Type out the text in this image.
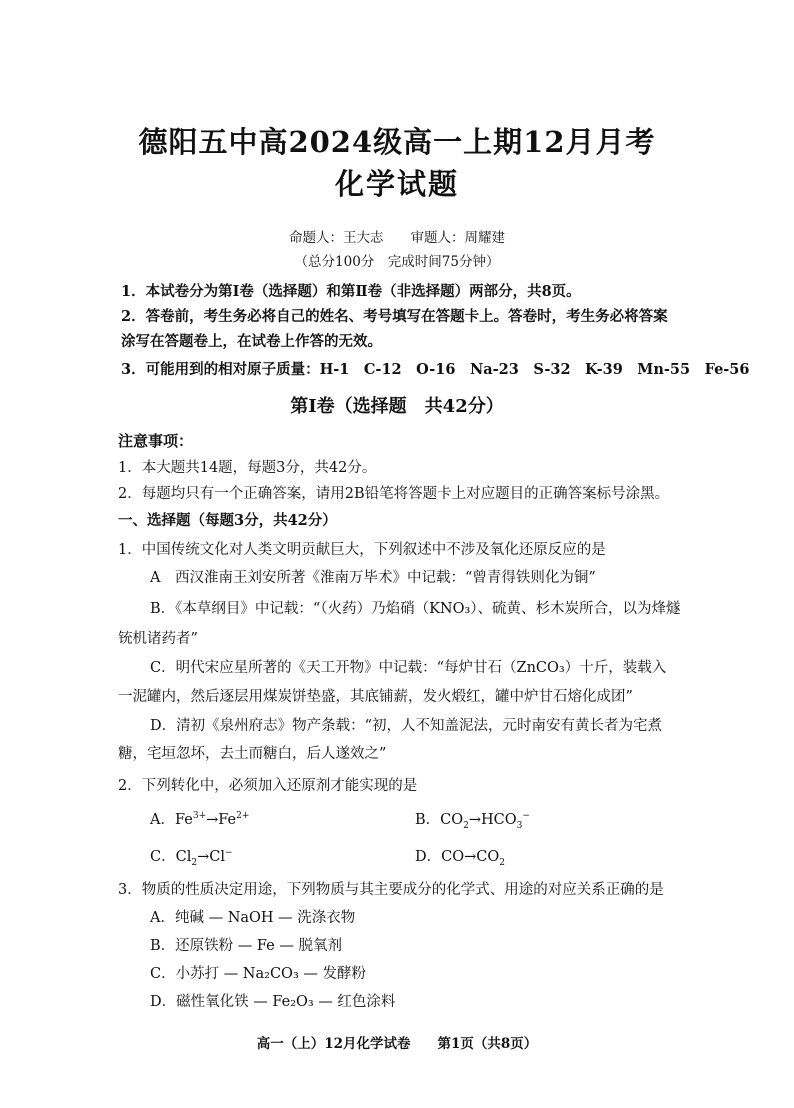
德阳五中高2024级高一上期12月月考
化学试题
命题人：王大志　　审题人：周耀建
（总分100分　完成时间75分钟）
1．本试卷分为第Ⅰ卷（选择题）和第Ⅱ卷（非选择题）两部分，共8页。
2．答卷前，考生务必将自己的姓名、考号填写在答题卡上。答卷时，考生务必将答案
涂写在答题卷上，在试卷上作答的无效。
3．可能用到的相对原子质量：H-1　C-12　O-16　Na-23　S-32　K-39　Mn-55　Fe-56
第Ⅰ卷（选择题　共42分）
注意事项：
1．本大题共14题，每题3分，共42分。
2．每题均只有一个正确答案，请用2B铅笔将答题卡上对应题目的正确答案标号涂黑。
一、选择题（每题3分，共42分）
1．中国传统文化对人类文明贡献巨大，下列叙述中不涉及氧化还原反应的是
A　西汉淮南王刘安所著《淮南万毕术》中记载：“曾青得铁则化为铜”
B．《本草纲目》中记载：“（火药）乃焰硝（KNO₃）、硫黄、杉木炭所合，以为烽燧
铳机诸药者”
C．明代宋应星所著的《天工开物》中记载：“每炉甘石（ZnCO₃）十斤，装载入
一泥罐内，然后逐层用煤炭饼垫盛，其底铺薪，发火煅红，罐中炉甘石熔化成团”
D．清初《泉州府志》物产条载：“初，人不知盖泥法，元时南安有黄长者为宅煮
糖，宅垣忽坏，去土而糖白，后人遂效之”
2．下列转化中，必须加入还原剂才能实现的是
A．$Fe^{3+}\to Fe^{2+}$	B．$CO_2\to HCO_3^-$
C．$Cl_2\to Cl^-$	D．$CO\to CO_2$
3．物质的性质决定用途，下列物质与其主要成分的化学式、用途的对应关系正确的是
A．纯碱 — NaOH — 洗涤衣物
B．还原铁粉 — Fe — 脱氧剂
C．小苏打 — Na₂CO₃ — 发酵粉
D．磁性氧化铁 — Fe₂O₃ — 红色涂料
高一（上）12月化学试卷　　第1页（共8页）
